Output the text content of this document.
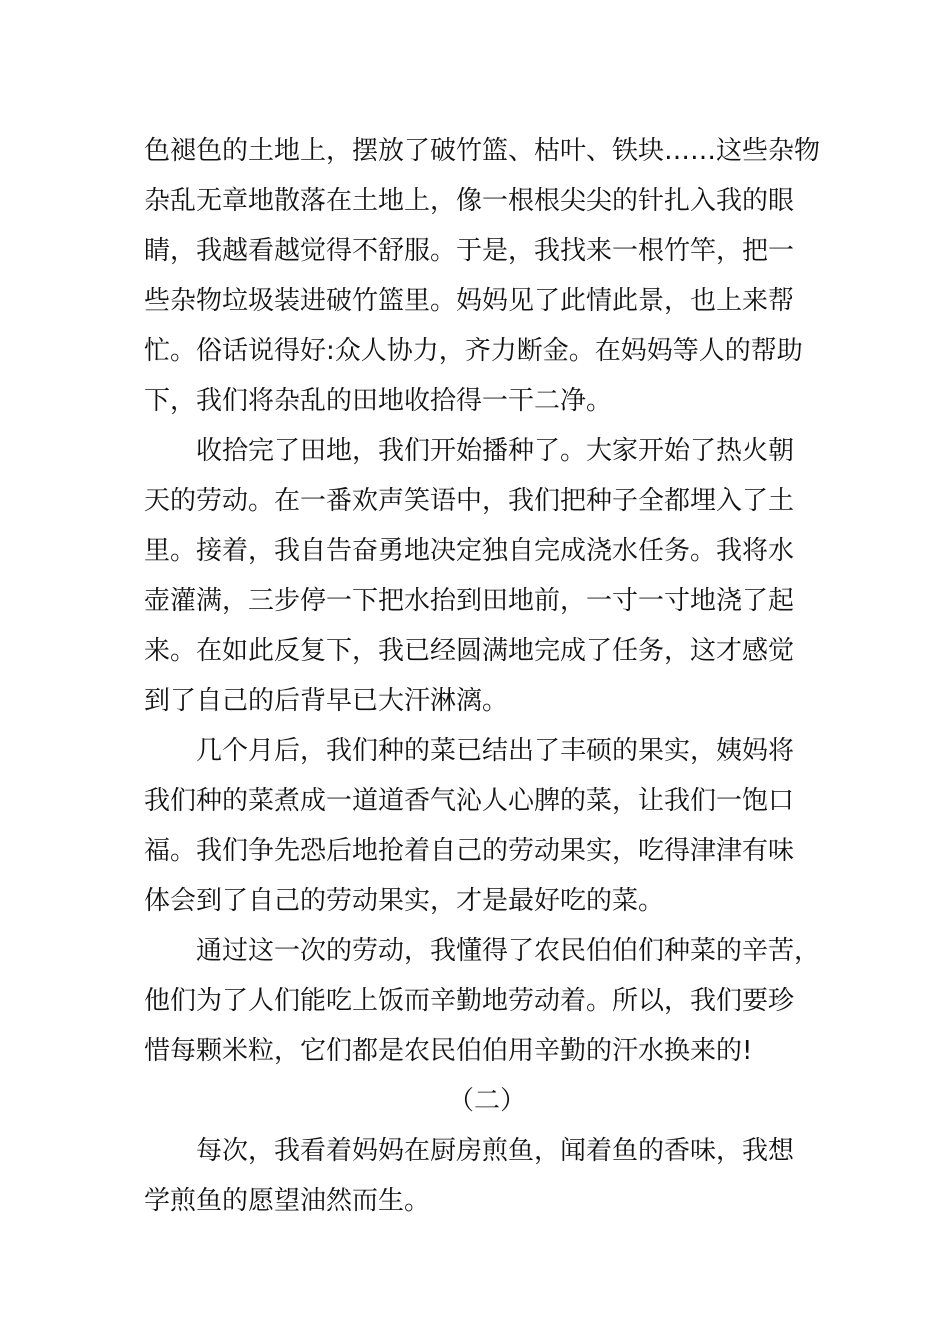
色褪色的土地上，摆放了破竹篮、枯叶、铁块……这些杂物
杂乱无章地散落在土地上，像一根根尖尖的针扎入我的眼
睛，我越看越觉得不舒服。于是，我找来一根竹竿，把一
些杂物垃圾装进破竹篮里。妈妈见了此情此景，也上来帮
忙。俗话说得好:众人协力，齐力断金。在妈妈等人的帮助
下，我们将杂乱的田地收拾得一干二净。
收拾完了田地，我们开始播种了。大家开始了热火朝
天的劳动。在一番欢声笑语中，我们把种子全都埋入了土
里。接着，我自告奋勇地决定独自完成浇水任务。我将水
壶灌满，三步停一下把水抬到田地前，一寸一寸地浇了起
来。在如此反复下，我已经圆满地完成了任务，这才感觉
到了自己的后背早已大汗淋漓。
几个月后，我们种的菜已结出了丰硕的果实，姨妈将
我们种的菜煮成一道道香气沁人心脾的菜，让我们一饱口
福。我们争先恐后地抢着自己的劳动果实，吃得津津有味
体会到了自己的劳动果实，才是最好吃的菜。
通过这一次的劳动，我懂得了农民伯伯们种菜的辛苦，
他们为了人们能吃上饭而辛勤地劳动着。所以，我们要珍
惜每颗米粒，它们都是农民伯伯用辛勤的汗水换来的!
（二）
每次，我看着妈妈在厨房煎鱼，闻着鱼的香味，我想
学煎鱼的愿望油然而生。
